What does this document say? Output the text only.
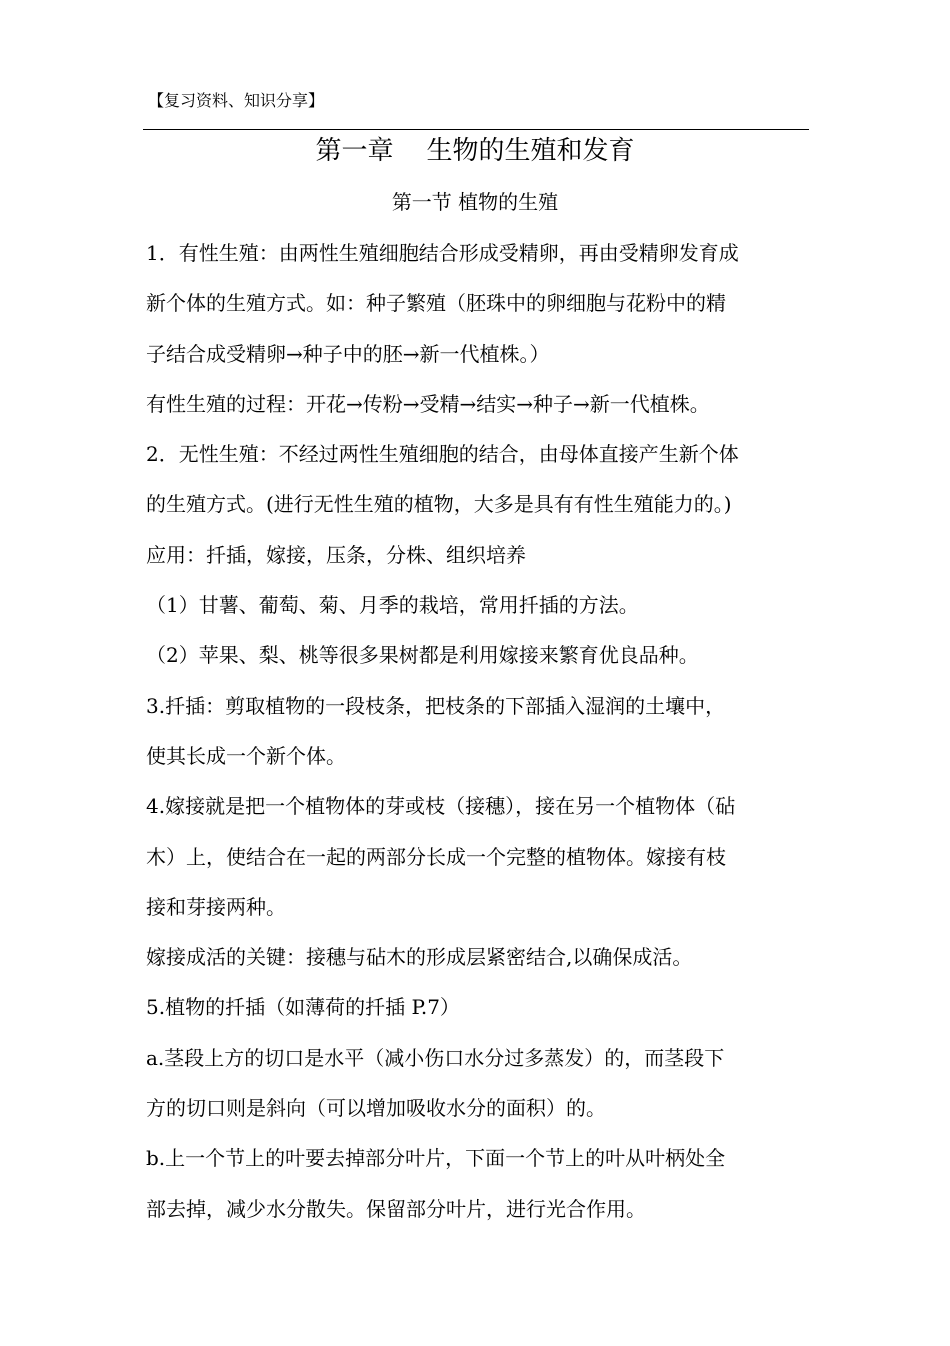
【复习资料、知识分享】
第一章    生物的生殖和发育
第一节 植物的生殖
1．有性生殖：由两性生殖细胞结合形成受精卵，再由受精卵发育成
新个体的生殖方式。如：种子繁殖（胚珠中的卵细胞与花粉中的精
子结合成受精卵→种子中的胚→新一代植株。）
有性生殖的过程：开花→传粉→受精→结实→种子→新一代植株。
2．无性生殖：不经过两性生殖细胞的结合，由母体直接产生新个体
的生殖方式。(进行无性生殖的植物，大多是具有有性生殖能力的。)
应用：扦插，嫁接，压条，分株、组织培养
（1）甘薯、葡萄、菊、月季的栽培，常用扦插的方法。
（2）苹果、梨、桃等很多果树都是利用嫁接来繁育优良品种。
3.扦插：剪取植物的一段枝条，把枝条的下部插入湿润的土壤中，
使其长成一个新个体。
4.嫁接就是把一个植物体的芽或枝（接穗），接在另一个植物体（砧
木）上，使结合在一起的两部分长成一个完整的植物体。嫁接有枝
接和芽接两种。
嫁接成活的关键：接穗与砧木的形成层紧密结合,以确保成活。
5.植物的扦插（如薄荷的扦插 P.7）
a.茎段上方的切口是水平（减小伤口水分过多蒸发）的，而茎段下
方的切口则是斜向（可以增加吸收水分的面积）的。
b.上一个节上的叶要去掉部分叶片，下面一个节上的叶从叶柄处全
部去掉，减少水分散失。保留部分叶片，进行光合作用。
